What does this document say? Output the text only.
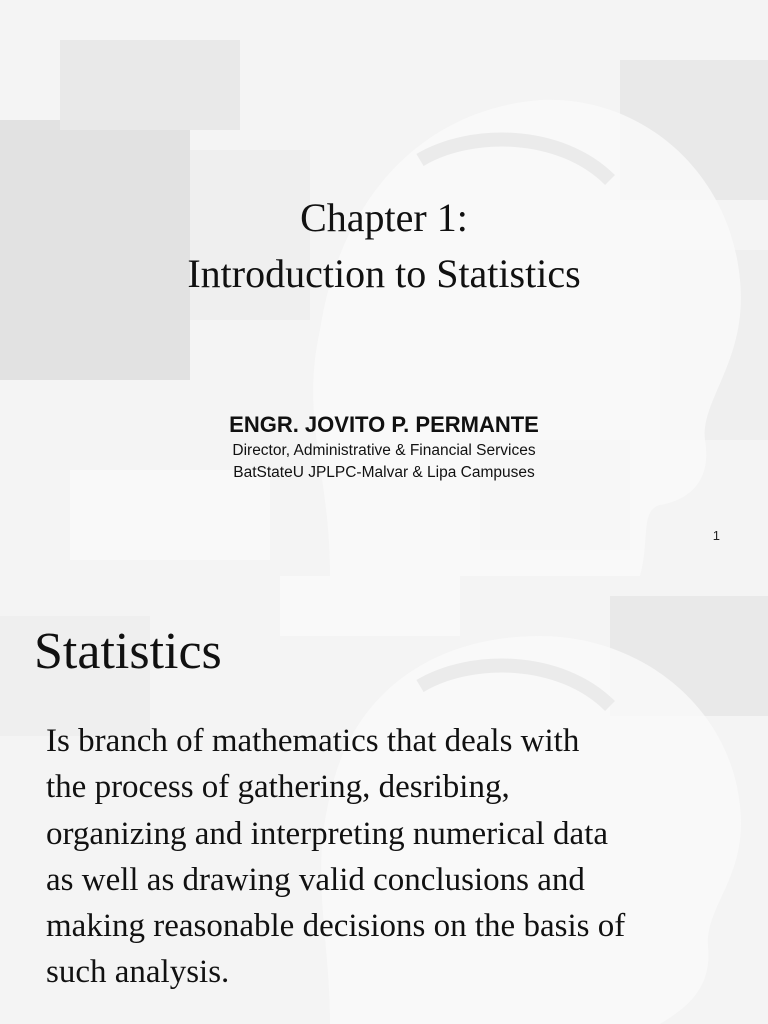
Chapter 1:
Introduction to Statistics
ENGR. JOVITO P. PERMANTE
Director, Administrative & Financial Services
BatStateU JPLPC-Malvar & Lipa Campuses
1
Statistics
Is branch of mathematics that deals with
the process of gathering, desribing,
organizing and interpreting numerical data
as well as drawing valid conclusions and
making reasonable decisions on the basis of
such analysis.
